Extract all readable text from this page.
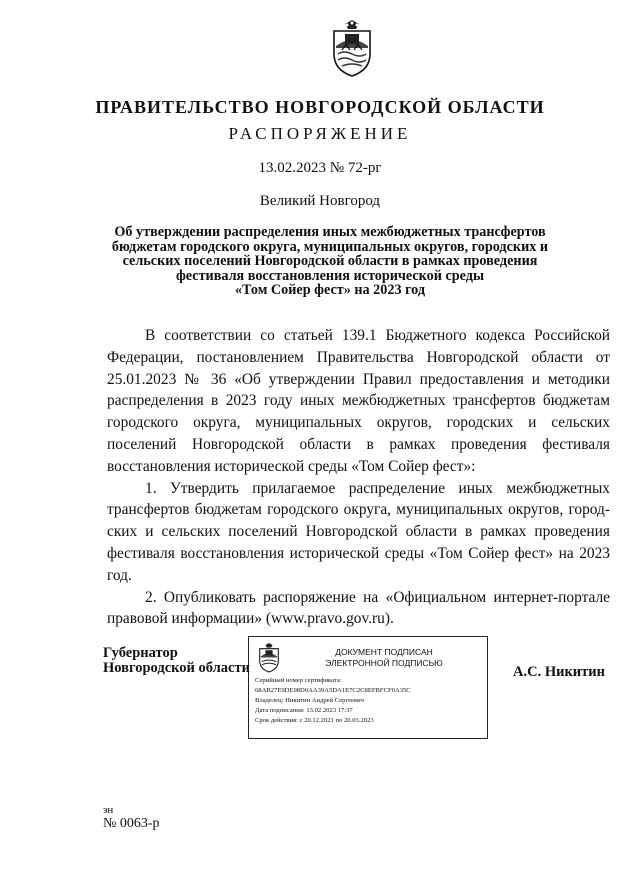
ПРАВИТЕЛЬСТВО НОВГОРОДСКОЙ ОБЛАСТИ
РАСПОРЯЖЕНИЕ
13.02.2023 № 72-рг
Великий Новгород
Об утверждении распределения иных межбюджетных трансфертов
бюджетам городского округа, муниципальных округов, городских и
сельских поселений Новгородской области в рамках проведения
фестиваля восстановления исторической среды
«Том Сойер фест» на 2023 год

В соответствии со статьей 139.1 Бюджетного кодекса Российской Федерации, постановлением Правительства Новгородской области от 25.01.2023 № 36 «Об утверждении Правил предоставления и методики распределения в 2023 году иных межбюджетных трансфертов бюджетам городского округа, муниципальных округов, городских и сельских поселений Новгородской области в рамках проведения фестиваля восстановления исторической среды «Том Сойер фест»:

1. Утвердить прилагаемое распределение иных межбюджетных трансфертов бюджетам городского округа, муниципальных округов, город-ских и сельских поселений Новгородской области в рамках проведения фестиваля восстановления исторической среды «Том Сойер фест» на 2023 год.

2. Опубликовать распоряжение на «Официальном интернет-портале правовой информации» (www.pravo.gov.ru).

Губернатор
Новгородской области
ДОКУМЕНТ ПОДПИСАН
ЭЛЕКТРОННОЙ ПОДПИСЬЮ
Серийный номер сертификата:
68AB27E9DE98D0AA39A5DA1E7C2C8EFBFCF0A35C
Владелец: Никитин Андрей Сергеевич
Дата подписания: 13.02.2023 17:37
Срок действия: с 20.12.2021 по 20.03.2023
А.С. Никитин
зн
№ 0063-р
